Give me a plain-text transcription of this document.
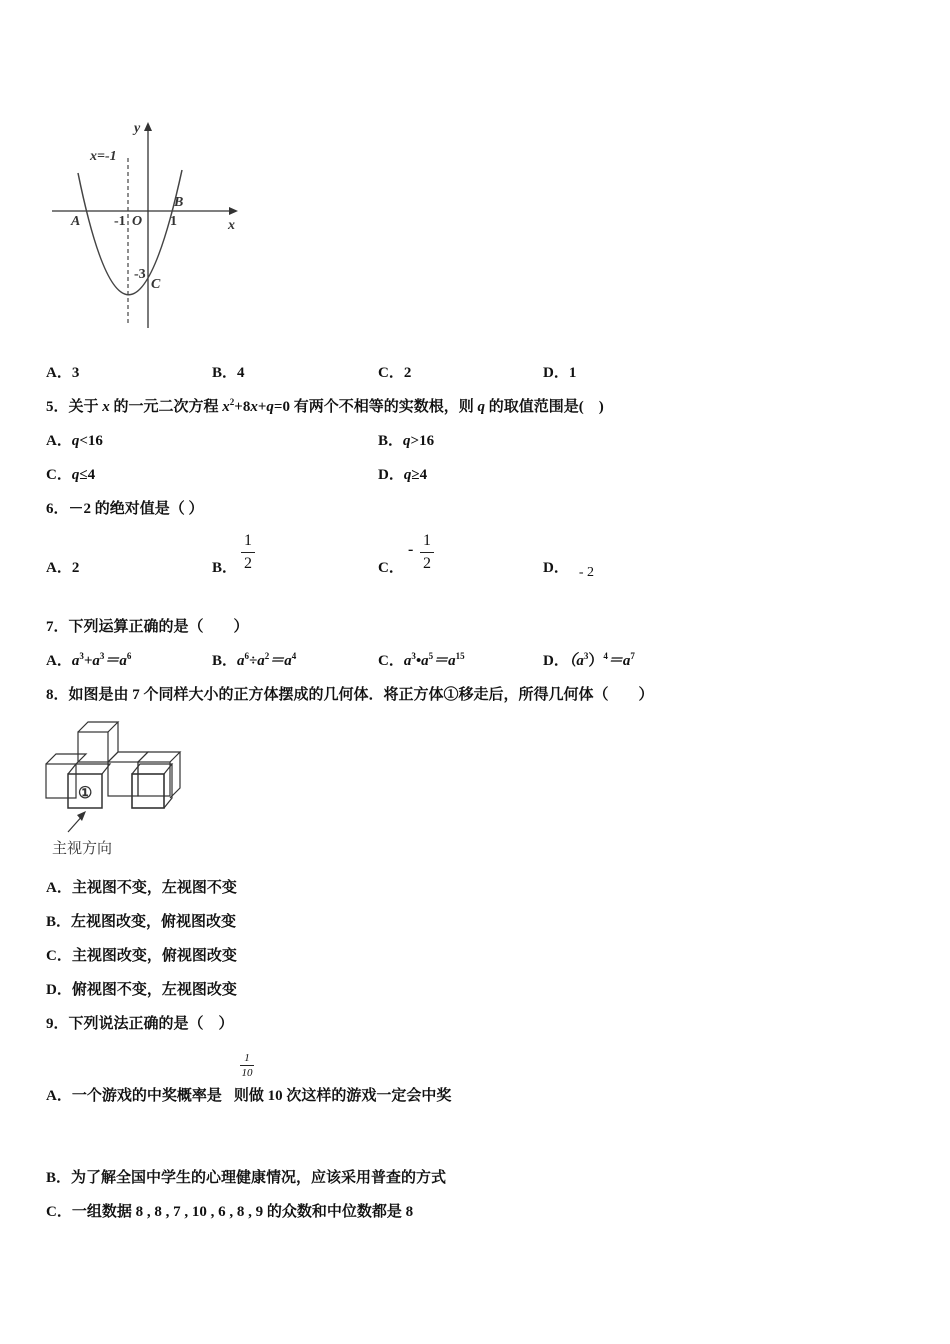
y
x
x=-1
A
B
C
O
-1	1
-3
A．3	B．4	C．2	D．1
5．关于 x 的一元二次方程 $x^2+8x+q=0$ 有两个不相等的实数根，则 q 的取值范围是(　)
A．q<16	B．q>16
C．q≤4	D．q≥4
6．－2 的绝对值是（ ）
A．2	B．
1
2	C．
-
1
2	D． - 2
7．下列运算正确的是（　　）
A．$a^3+a^3=a^6$	B．$a^6\div a^2=a^4$	C．$a^3•a^5=a^{15}$	D．$(a^3)^4=a^7$
8．如图是由 7 个同样大小的正方体摆成的几何体．将正方体①移走后，所得几何体（　　）
①
主视方向
A．主视图不变，左视图不变
B．左视图改变，俯视图改变
C．主视图改变，俯视图改变
D．俯视图不变，左视图改变
9．下列说法正确的是（　）
A．一个游戏的中奖概率是 则做 10 次这样的游戏一定会中奖
1
10
B．为了解全国中学生的心理健康情况，应该采用普查的方式
C．一组数据 8 , 8 , 7 , 10 , 6 , 8 , 9 的众数和中位数都是 8
